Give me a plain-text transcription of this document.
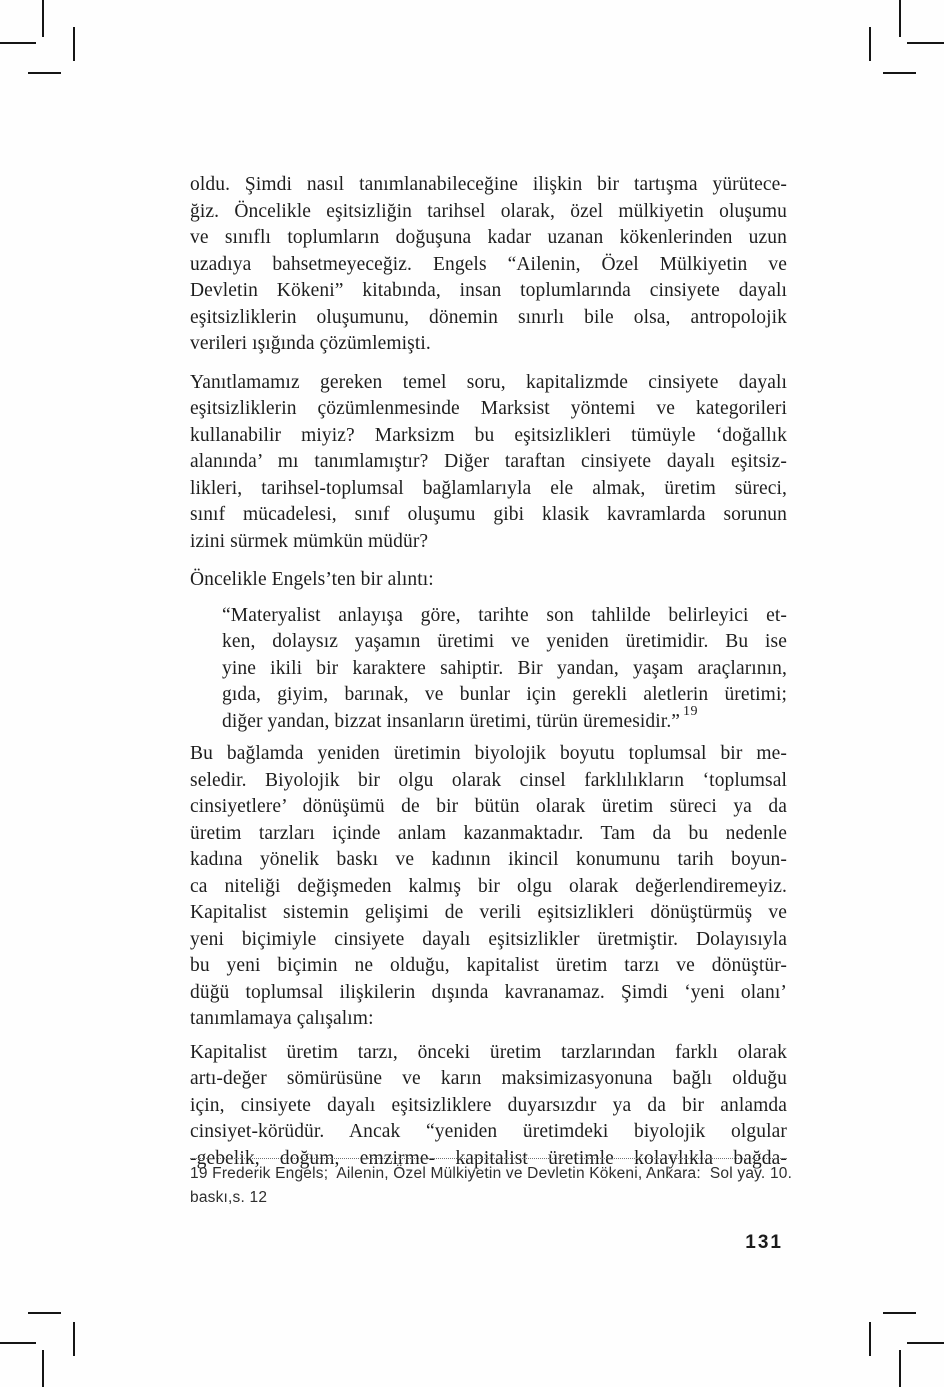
oldu. Şimdi nasıl tanımlanabileceğine ilişkin bir tartışma yürütece-
ğiz. Öncelikle eşitsizliğin tarihsel olarak, özel mülkiyetin oluşumu
ve sınıflı toplumların doğuşuna kadar uzanan kökenlerinden uzun
uzadıya bahsetmeyeceğiz. Engels “Ailenin, Özel Mülkiyetin ve
Devletin Kökeni” kitabında, insan toplumlarında cinsiyete dayalı
eşitsizliklerin oluşumunu, dönemin sınırlı bile olsa, antropolojik
verileri ışığında çözümlemişti.
Yanıtlamamız gereken temel soru, kapitalizmde cinsiyete dayalı
eşitsizliklerin çözümlenmesinde Marksist yöntemi ve kategorileri
kullanabilir miyiz? Marksizm bu eşitsizlikleri tümüyle ‘doğallık
alanında’ mı tanımlamıştır? Diğer taraftan cinsiyete dayalı eşitsiz-
likleri, tarihsel-toplumsal bağlamlarıyla ele almak, üretim süreci,
sınıf mücadelesi, sınıf oluşumu gibi klasik kavramlarda sorunun
izini sürmek mümkün müdür?
Öncelikle Engels’ten bir alıntı:
“Materyalist anlayışa göre, tarihte son tahlilde belirleyici et-
ken, dolaysız yaşamın üretimi ve yeniden üretimidir. Bu ise
yine ikili bir karaktere sahiptir. Bir yandan, yaşam araçlarının,
gıda, giyim, barınak, ve bunlar için gerekli aletlerin üretimi;
diğer yandan, bizzat insanların üretimi, türün üremesidir.” $^{19}$
Bu bağlamda yeniden üretimin biyolojik boyutu toplumsal bir me-
seledir. Biyolojik bir olgu olarak cinsel farklılıkların ‘toplumsal
cinsiyetlere’ dönüşümü de bir bütün olarak üretim süreci ya da
üretim tarzları içinde anlam kazanmaktadır. Tam da bu nedenle
kadına yönelik baskı ve kadının ikincil konumunu tarih boyun-
ca niteliği değişmeden kalmış bir olgu olarak değerlendiremeyiz.
Kapitalist sistemin gelişimi de verili eşitsizlikleri dönüştürmüş ve
yeni biçimiyle cinsiyete dayalı eşitsizlikler üretmiştir. Dolayısıyla
bu yeni biçimin ne olduğu, kapitalist üretim tarzı ve dönüştür-
düğü toplumsal ilişkilerin dışında kavranamaz. Şimdi ‘yeni olanı’
tanımlamaya çalışalım:
Kapitalist üretim tarzı, önceki üretim tarzlarından farklı olarak
artı-değer sömürüsüne ve karın maksimizasyonuna bağlı olduğu
için, cinsiyete dayalı eşitsizliklere duyarsızdır ya da bir anlamda
cinsiyet-körüdür. Ancak “yeniden üretimdeki biyolojik olgular
-gebelik, doğum, emzirme- kapitalist üretimle kolaylıkla bağda-
19 Frederik Engels;  Ailenin, Özel Mülkiyetin ve Devletin Kökeni, Ankara:  Sol yay. 10.
baskı,s. 12
131
